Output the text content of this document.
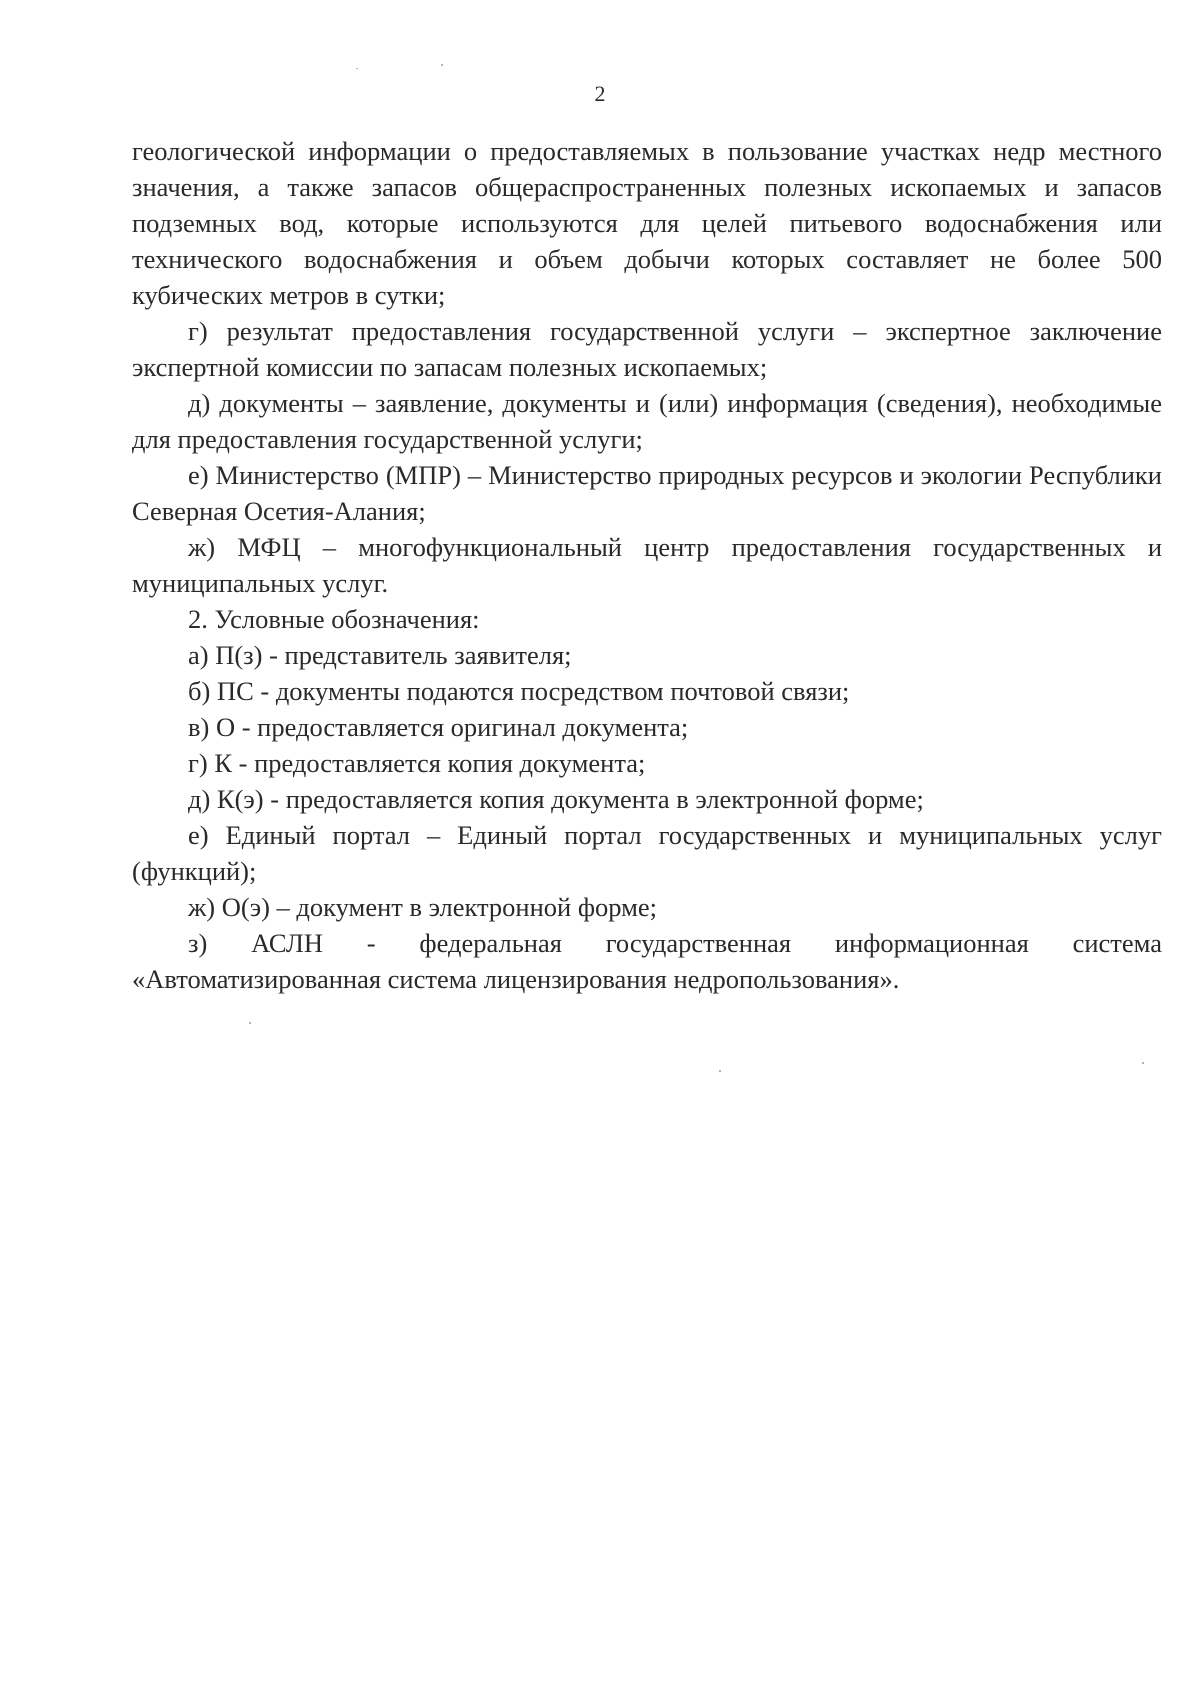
2

геологической информации о предоставляемых в пользование участках недр местного значения, а также запасов общераспространенных полезных ископаемых и запасов подземных вод, которые используются для целей питьевого водоснабжения или технического водоснабжения и объем добычи которых составляет не более 500 кубических метров в сутки;

г) результат предоставления государственной услуги – экспертное заключение экспертной комиссии по запасам полезных ископаемых;

д) документы – заявление, документы и (или) информация (сведения), необходимые для предоставления государственной услуги;

е) Министерство (МПР) – Министерство природных ресурсов и экологии Республики Северная Осетия-Алания;

ж) МФЦ – многофункциональный центр предоставления государственных и муниципальных услуг.

2. Условные обозначения:

а) П(з) - представитель заявителя;

б) ПС - документы подаются посредством почтовой связи;

в) О - предоставляется оригинал документа;

г) К - предоставляется копия документа;

д) К(э) - предоставляется копия документа в электронной форме;

е) Единый портал – Единый портал государственных и муниципальных услуг (функций);

ж) О(э) – документ в электронной форме;

з) АСЛН - федеральная государственная информационная система «Автоматизированная система лицензирования недропользования».
